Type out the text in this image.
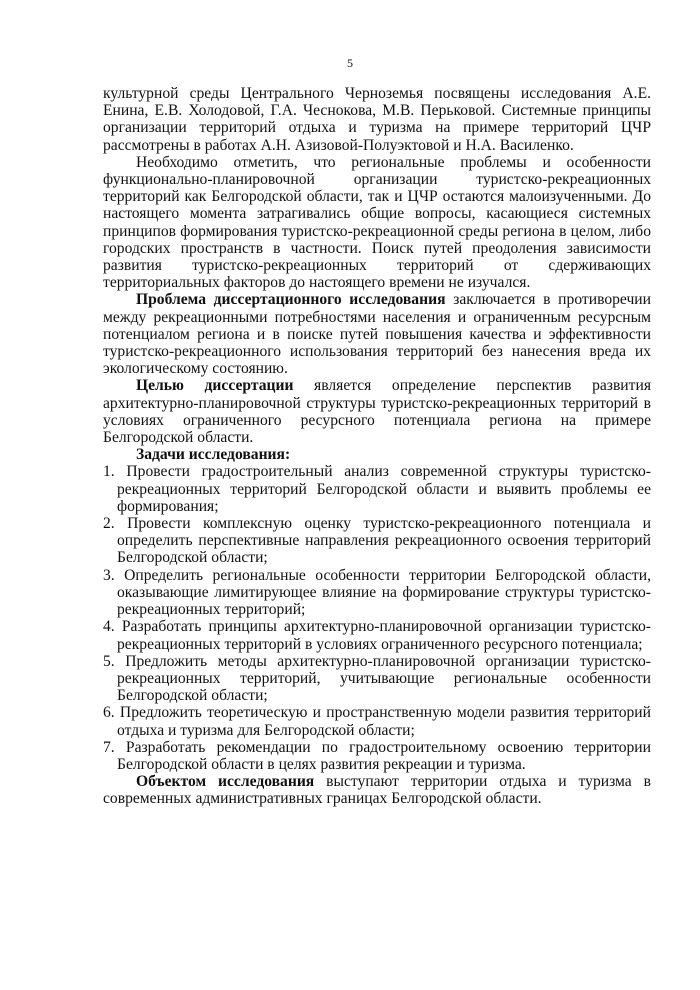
5

культурной среды Центрального Черноземья посвящены исследования А.Е. Енина, Е.В. Холодовой, Г.А. Чеснокова, М.В. Перьковой. Системные принципы организации территорий отдыха и туризма на примере территорий ЦЧР рассмотрены в работах А.Н. Азизовой-Полуэктовой и Н.А. Василенко.

Необходимо отметить, что региональные проблемы и особенности функционально-планировочной организации туристско-рекреационных территорий как Белгородской области, так и ЦЧР остаются малоизученными. До настоящего момента затрагивались общие вопросы, касающиеся системных принципов формирования туристско-рекреационной среды региона в целом, либо городских пространств в частности. Поиск путей преодоления зависимости развития туристско-рекреационных территорий от сдерживающих территориальных факторов до настоящего времени не изучался.

Проблема диссертационного исследования заключается в противоречии между рекреационными потребностями населения и ограниченным ресурсным потенциалом региона и в поиске путей повышения качества и эффективности туристско-рекреационного использования территорий без нанесения вреда их экологическому состоянию.

Целью диссертации является определение перспектив развития архитектурно-планировочной структуры туристско-рекреационных территорий в условиях ограниченного ресурсного потенциала региона на примере Белгородской области.

Задачи исследования:

1. Провести градостроительный анализ современной структуры туристско-рекреационных территорий Белгородской области и выявить проблемы ее формирования;
2. Провести комплексную оценку туристско-рекреационного потенциала и определить перспективные направления рекреационного освоения территорий Белгородской области;
3. Определить региональные особенности территории Белгородской области, оказывающие лимитирующее влияние на формирование структуры туристско-рекреационных территорий;
4. Разработать принципы архитектурно-планировочной организации туристско-рекреационных территорий в условиях ограниченного ресурсного потенциала;
5. Предложить методы архитектурно-планировочной организации туристско-рекреационных территорий, учитывающие региональные особенности Белгородской области;
6. Предложить теоретическую и пространственную модели развития территорий отдыха и туризма для Белгородской области;
7. Разработать рекомендации по градостроительному освоению территории Белгородской области в целях развития рекреации и туризма.

Объектом исследования выступают территории отдыха и туризма в современных административных границах Белгородской области.
